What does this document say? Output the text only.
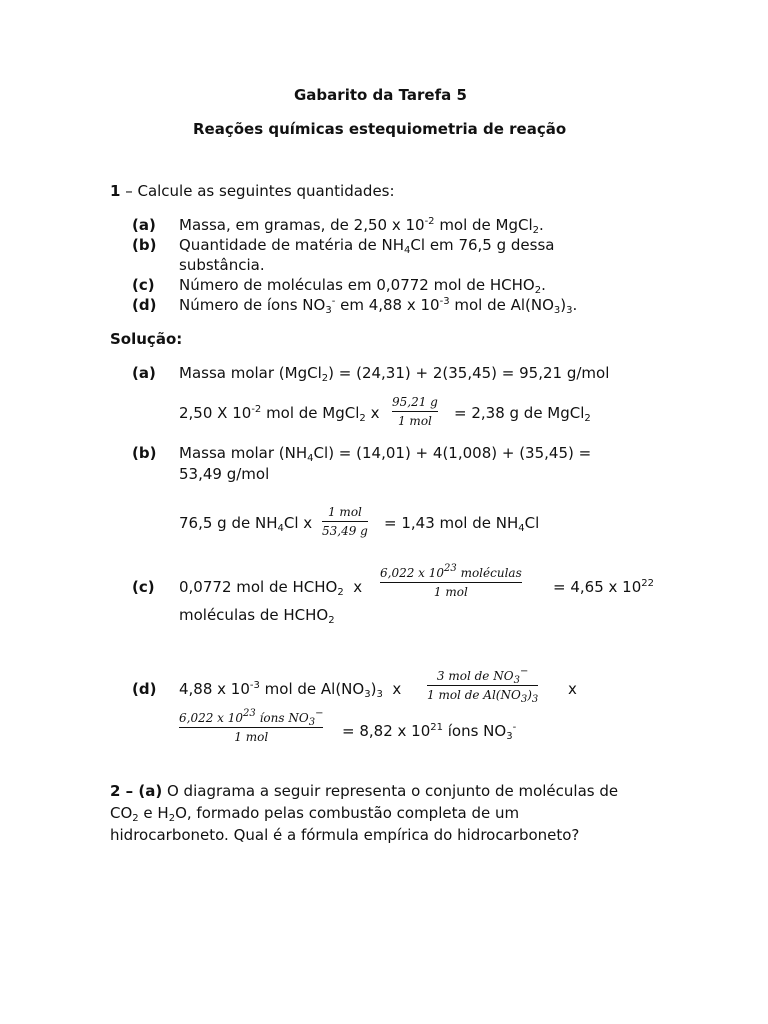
Gabarito da Tarefa 5
Reações químicas estequiometria de reação
1 – Calcule as seguintes quantidades:
(a) Massa, em gramas, de 2,50 x $10^{-2}$ mol de MgCl$_2$.
(b) Quantidade de matéria de $NH_4Cl$ em 76,5 g dessa
substância.
(c) Número de moléculas em 0,0772 mol de $HCHO_2$.
(d) Número de íons $NO_3^-$ em 4,88 x $10^{-3}$ mol de $Al(NO_3)_3$.
Solução:
(a) Massa molar (MgCl$_2$) = (24,31) + 2(35,45) = 95,21 g/mol
2,50 X $10^{-2}$ mol de MgCl$_2$ x
95,21 g
1 mol	= 2,38 g de MgCl$_2$
(b) Massa molar $(NH_4Cl) = (14,01) + 4(1,008) + (35,45)$ =
53,49 g/mol
76,5 g de $NH_4Cl$ x
1 mol
53,49 g = 1,43 mol de $NH_4Cl$
(c) 0,0772 mol de $HCHO_2$  x
6,022 x $10^{23}$ moléculas
1 mol	= 4,65 x $10^{22}$
moléculas de $HCHO_2$
(d) 4,88 x $10^{-3}$ mol de $Al(NO_3)_3$  x
3 mol de $NO_3^-$
1 mol de $Al(NO_3)_3$
x
6,022 x $10^{23}$ íons $NO_3^-$
1 mol	= 8,82 x $10^{21}$ íons $NO_3^-$
2 – (a) O diagrama a seguir representa o conjunto de moléculas de
$CO_2$ e $H_2O$, formado pelas combustão completa de um
hidrocarboneto. Qual é a fórmula empírica do hidrocarboneto?
